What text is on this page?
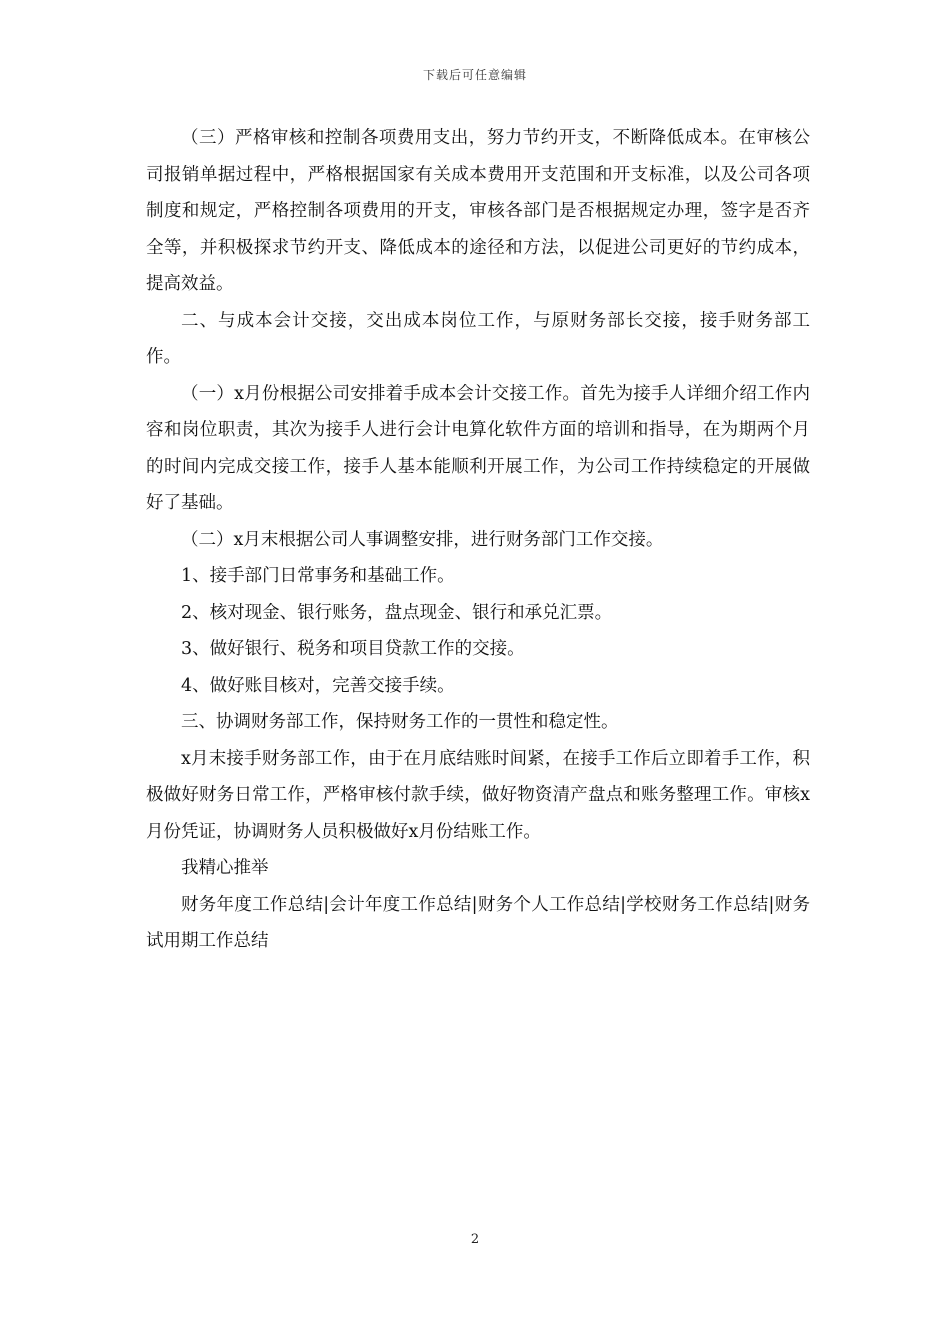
下载后可任意编辑

（三）严格审核和控制各项费用支出，努力节约开支，不断降低成本。在审核公司报销单据过程中，严格根据国家有关成本费用开支范围和开支标准，以及公司各项制度和规定，严格控制各项费用的开支，审核各部门是否根据规定办理，签字是否齐全等，并积极探求节约开支、降低成本的途径和方法，以促进公司更好的节约成本，提高效益。

二、与成本会计交接，交出成本岗位工作，与原财务部长交接，接手财务部工作。

（一）x月份根据公司安排着手成本会计交接工作。首先为接手人详细介绍工作内容和岗位职责，其次为接手人进行会计电算化软件方面的培训和指导，在为期两个月的时间内完成交接工作，接手人基本能顺利开展工作，为公司工作持续稳定的开展做好了基础。

（二）x月末根据公司人事调整安排，进行财务部门工作交接。

1、接手部门日常事务和基础工作。

2、核对现金、银行账务，盘点现金、银行和承兑汇票。

3、做好银行、税务和项目贷款工作的交接。

4、做好账目核对，完善交接手续。

三、协调财务部工作，保持财务工作的一贯性和稳定性。

x月末接手财务部工作，由于在月底结账时间紧，在接手工作后立即着手工作，积极做好财务日常工作，严格审核付款手续，做好物资清产盘点和账务整理工作。审核x月份凭证，协调财务人员积极做好x月份结账工作。

我精心推举

财务年度工作总结|会计年度工作总结|财务个人工作总结|学校财务工作总结|财务试用期工作总结

2
